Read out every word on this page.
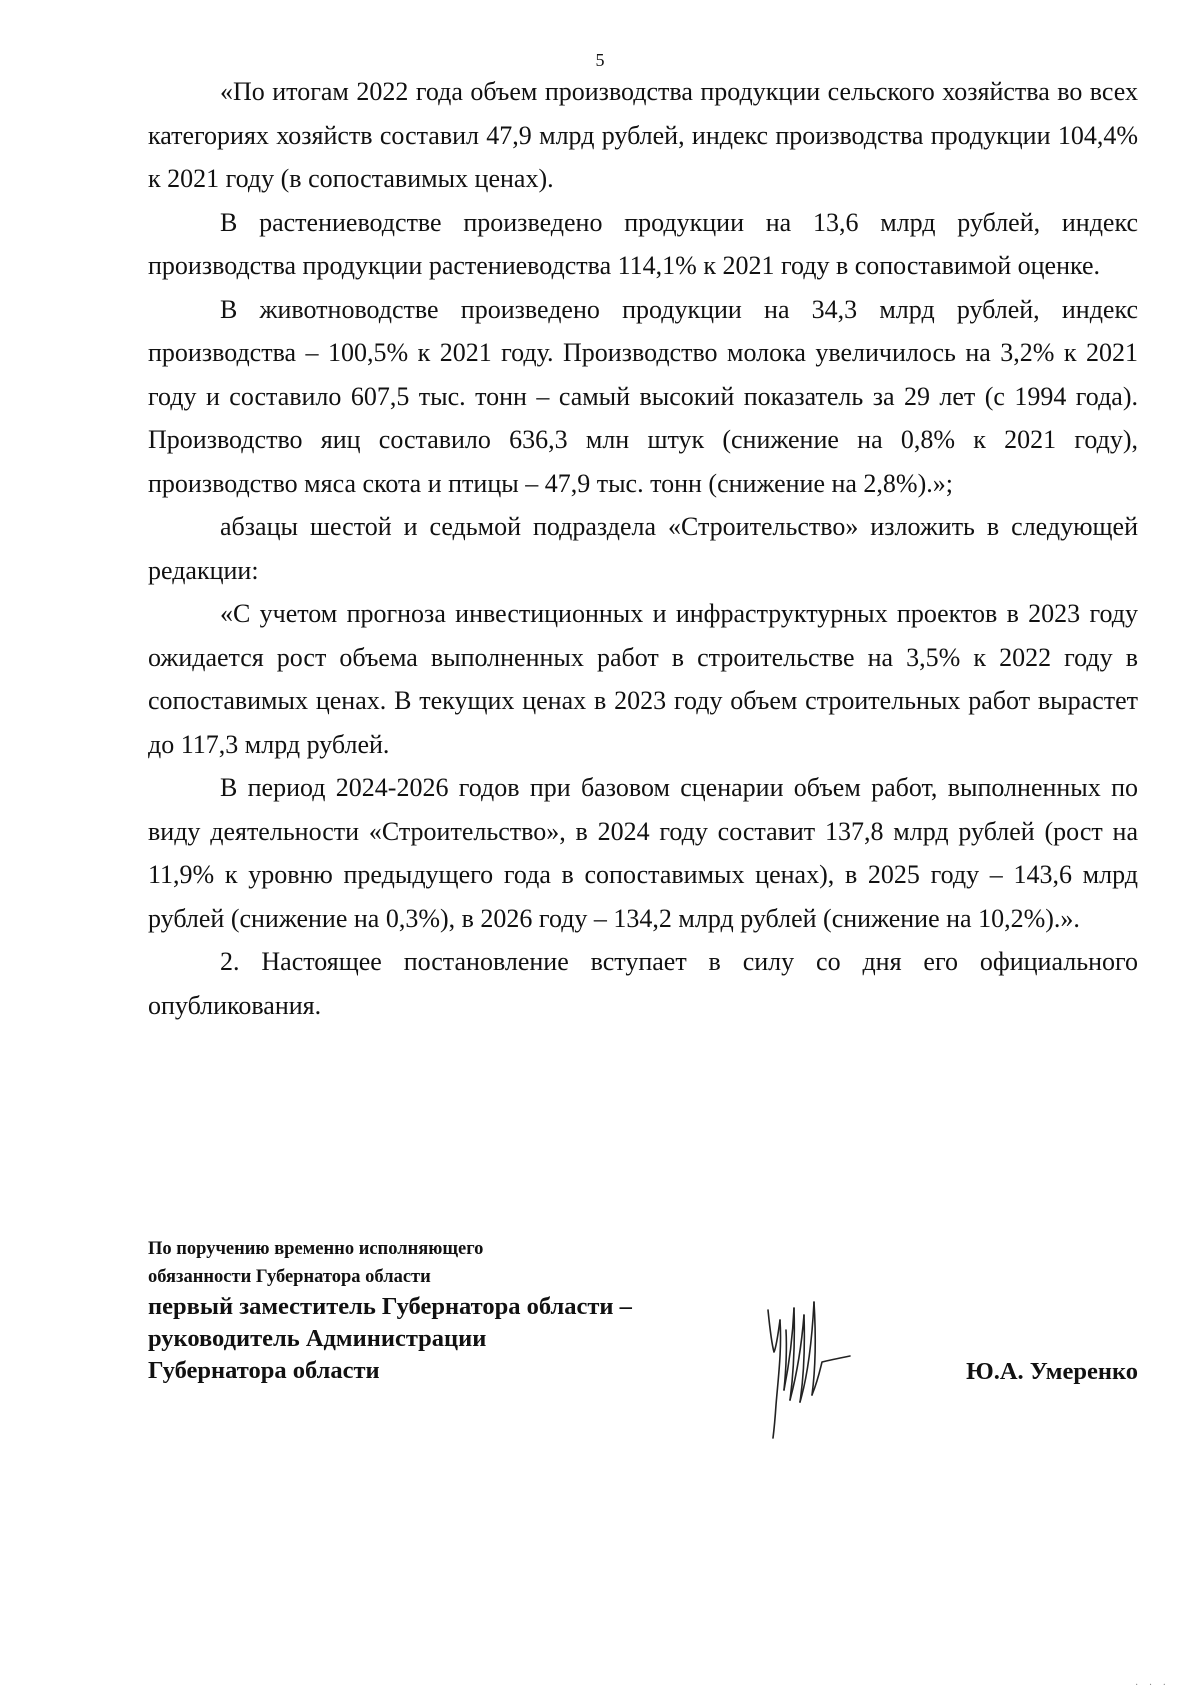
5

«По итогам 2022 года объем производства продукции сельского хозяйства во всех категориях хозяйств составил 47,9 млрд рублей, индекс производства продукции 104,4% к 2021 году (в сопоставимых ценах).

В растениеводстве произведено продукции на 13,6 млрд рублей, индекс производства продукции растениеводства 114,1% к 2021 году в сопоставимой оценке.

В животноводстве произведено продукции на 34,3 млрд рублей, индекс производства – 100,5% к 2021 году. Производство молока увеличилось на 3,2% к 2021 году и составило 607,5 тыс. тонн – самый высокий показатель за 29 лет (с 1994 года). Производство яиц составило 636,3 млн штук (снижение на 0,8% к 2021 году), производство мяса скота и птицы – 47,9 тыс. тонн (снижение на 2,8%).»;

абзацы шестой и седьмой подраздела «Строительство» изложить в следующей редакции:

«С учетом прогноза инвестиционных и инфраструктурных проектов в 2023 году ожидается рост объема выполненных работ в строительстве на 3,5% к 2022 году в сопоставимых ценах. В текущих ценах в 2023 году объем строительных работ вырастет до 117,3 млрд рублей.

В период 2024-2026 годов при базовом сценарии объем работ, выполненных по виду деятельности «Строительство», в 2024 году составит 137,8 млрд рублей (рост на 11,9% к уровню предыдущего года в сопоставимых ценах), в 2025 году – 143,6 млрд рублей (снижение на 0,3%), в 2026 году – 134,2 млрд рублей (снижение на 10,2%).».

2. Настоящее постановление вступает в силу со дня его официального опубликования.

По поручению временно исполняющего
обязанности Губернатора области
первый заместитель Губернатора области –
руководитель Администрации
Губернатора области	Ю.А. Умеренко
· · ·
